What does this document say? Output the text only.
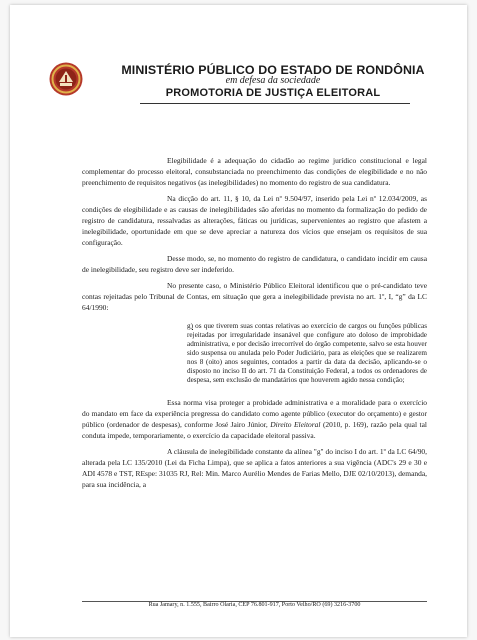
MINISTÉRIO PÚBLICO DO ESTADO DE RONDÔNIA
em defesa da sociedade
PROMOTORIA DE JUSTIÇA ELEITORAL

Elegibilidade é a adequação do cidadão ao regime jurídico constitucional e legal complementar do processo eleitoral, consubstanciada no preenchimento das condições de elegibilidade e no não preenchimento de requisitos negativos (as inelegibilidades) no momento do registro de sua candidatura.

Na dicção do art. 11, § 10, da Lei nº 9.504/97, inserido pela Lei nº 12.034/2009, as condições de elegibilidade e as causas de inelegibilidades são aferidas no momento da formalização do pedido de registro de candidatura, ressalvadas as alterações, fáticas ou jurídicas, supervenientes ao registro que afastem a inelegibilidade, oportunidade em que se deve apreciar a natureza dos vícios que ensejam os requisitos de sua configuração.

Desse modo, se, no momento do registro de candidatura, o candidato incidir em causa de inelegibilidade, seu registro deve ser indeferido.

No presente caso, o Ministério Público Eleitoral identificou que o pré-candidato teve contas rejeitadas pelo Tribunal de Contas, em situação que gera a inelegibilidade prevista no art. 1º, I, “g” da LC 64/1990:

g) os que tiverem suas contas relativas ao exercício de cargos ou funções públicas rejeitadas por irregularidade insanável que configure ato doloso de improbidade administrativa, e por decisão irrecorrível do órgão competente, salvo se esta houver sido suspensa ou anulada pelo Poder Judiciário, para as eleições que se realizarem nos 8 (oito) anos seguintes, contados a partir da data da decisão, aplicando-se o disposto no inciso II do art. 71 da Constituição Federal, a todos os ordenadores de despesa, sem exclusão de mandatários que houverem agido nessa condição;

Essa norma visa proteger a probidade administrativa e a moralidade para o exercício do mandato em face da experiência pregressa do candidato como agente público (executor do orçamento) e gestor público (ordenador de despesas), conforme José Jairo Júnior, Direito Eleitoral (2010, p. 169), razão pela qual tal conduta impede, temporariamente, o exercício da capacidade eleitoral passiva.

A cláusula de inelegibilidade constante da alínea "g" do inciso I do art. 1º da LC 64/90, alterada pela LC 135/2010 (Lei da Ficha Limpa), que se aplica a fatos anteriores a sua vigência (ADC's 29 e 30 e ADI 4578 e TST, REspe: 31035 RJ, Rel: Min. Marco Aurélio Mendes de Farias Mello, DJE 02/10/2013), demanda, para sua incidência, a

Rua Jamary, n. 1.555, Bairro Olaria, CEP 76.801-917, Porto Velho/RO (69) 3216-3700
